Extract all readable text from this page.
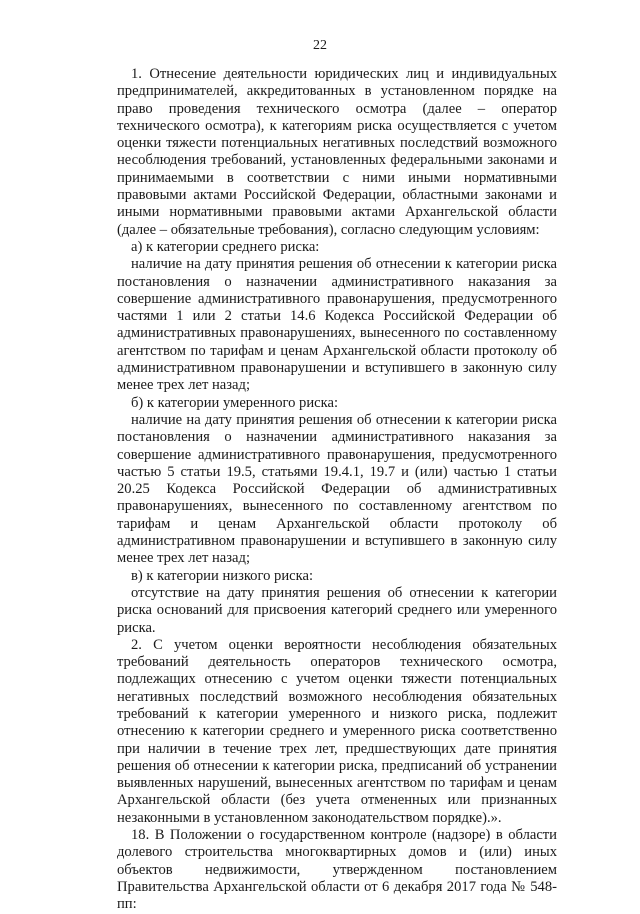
22

1. Отнесение деятельности юридических лиц и индивидуальных предпринимателей, аккредитованных в установленном порядке на право проведения технического осмотра (далее – оператор технического осмотра), к категориям риска осуществляется с учетом оценки тяжести потенциальных негативных последствий возможного несоблюдения требований, установленных федеральными законами и принимаемыми в соответствии с ними иными нормативными правовыми актами Российской Федерации, областными законами и иными нормативными правовыми актами Архангельской области (далее – обязательные требования), согласно следующим условиям:

а) к категории среднего риска:

наличие на дату принятия решения об отнесении к категории риска постановления о назначении административного наказания за совершение административного правонарушения, предусмотренного частями 1 или 2 статьи 14.6 Кодекса Российской Федерации об административных правонарушениях, вынесенного по составленному агентством по тарифам и ценам Архангельской области протоколу об административном правонарушении и вступившего в законную силу менее трех лет назад;

б) к категории умеренного риска:

наличие на дату принятия решения об отнесении к категории риска постановления о назначении административного наказания за совершение административного правонарушения, предусмотренного частью 5 статьи 19.5, статьями 19.4.1, 19.7 и (или) частью 1 статьи 20.25 Кодекса Российской Федерации об административных правонарушениях, вынесенного по составленному агентством по тарифам и ценам Архангельской области протоколу об административном правонарушении и вступившего в законную силу менее трех лет назад;

в) к категории низкого риска:

отсутствие на дату принятия решения об отнесении к категории риска оснований для присвоения категорий среднего или умеренного риска.

2. С учетом оценки вероятности несоблюдения обязательных требований деятельность операторов технического осмотра, подлежащих отнесению с учетом оценки тяжести потенциальных негативных последствий возможного несоблюдения обязательных требований к категории умеренного и низкого риска, подлежит отнесению к категории среднего и умеренного риска соответственно при наличии в течение трех лет, предшествующих дате принятия решения об отнесении к категории риска, предписаний об устранении выявленных нарушений, вынесенных агентством по тарифам и ценам Архангельской области (без учета отмененных или признанных незаконными в установленном законодательством порядке).».

18. В Положении о государственном контроле (надзоре) в области долевого строительства многоквартирных домов и (или) иных объектов недвижимости, утвержденном постановлением Правительства Архангельской области от 6 декабря 2017 года № 548-пп:
